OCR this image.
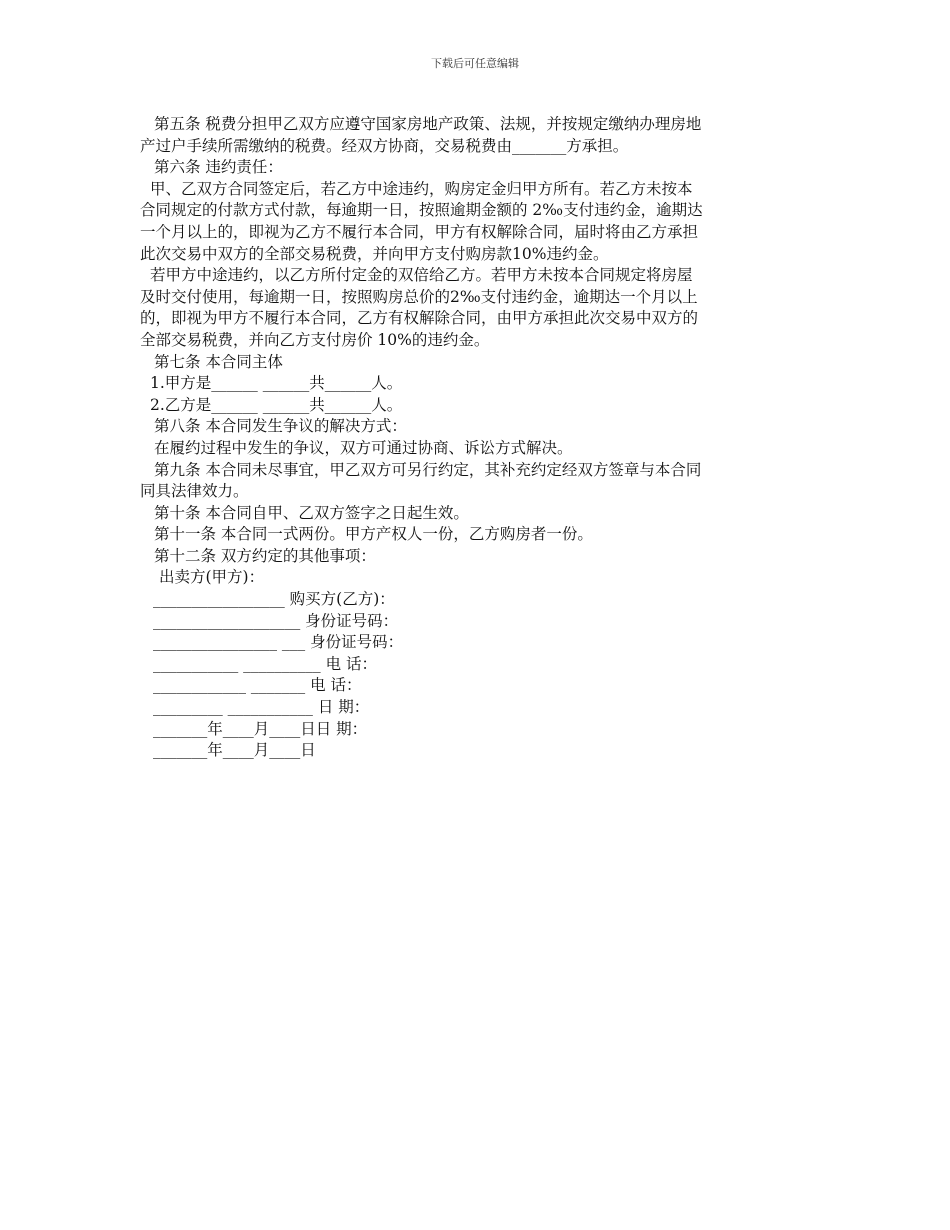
下载后可任意编辑
第五条 税费分担甲乙双方应遵守国家房地产政策、法规，并按规定缴纳办理房地
产过户手续所需缴纳的税费。经双方协商，交易税费由_______方承担。
第六条 违约责任：
甲、乙双方合同签定后，若乙方中途违约，购房定金归甲方所有。若乙方未按本
合同规定的付款方式付款，每逾期一日，按照逾期金额的 2‰支付违约金，逾期达
一个月以上的，即视为乙方不履行本合同，甲方有权解除合同，届时将由乙方承担
此次交易中双方的全部交易税费，并向甲方支付购房款10%违约金。
若甲方中途违约，以乙方所付定金的双倍给乙方。若甲方未按本合同规定将房屋
及时交付使用，每逾期一日，按照购房总价的2‰支付违约金，逾期达一个月以上
的，即视为甲方不履行本合同，乙方有权解除合同，由甲方承担此次交易中双方的
全部交易税费，并向乙方支付房价 10%的违约金。
第七条 本合同主体
1.甲方是______ ______共______人。
2.乙方是______ ______共______人。
第八条 本合同发生争议的解决方式：
在履约过程中发生的争议，双方可通过协商、诉讼方式解决。
第九条 本合同未尽事宜，甲乙双方可另行约定，其补充约定经双方签章与本合同
同具法律效力。
第十条 本合同自甲、乙双方签字之日起生效。
第十一条 本合同一式两份。甲方产权人一份，乙方购房者一份。
第十二条 双方约定的其他事项：
出卖方(甲方)：
_________________ 购买方(乙方)：
___________________ 身份证号码：
________________ ___ 身份证号码：
___________ __________ 电 话：
____________ _______ 电 话：
_________ ___________ 日 期：
_______年____月____日日 期：
_______年____月____日
